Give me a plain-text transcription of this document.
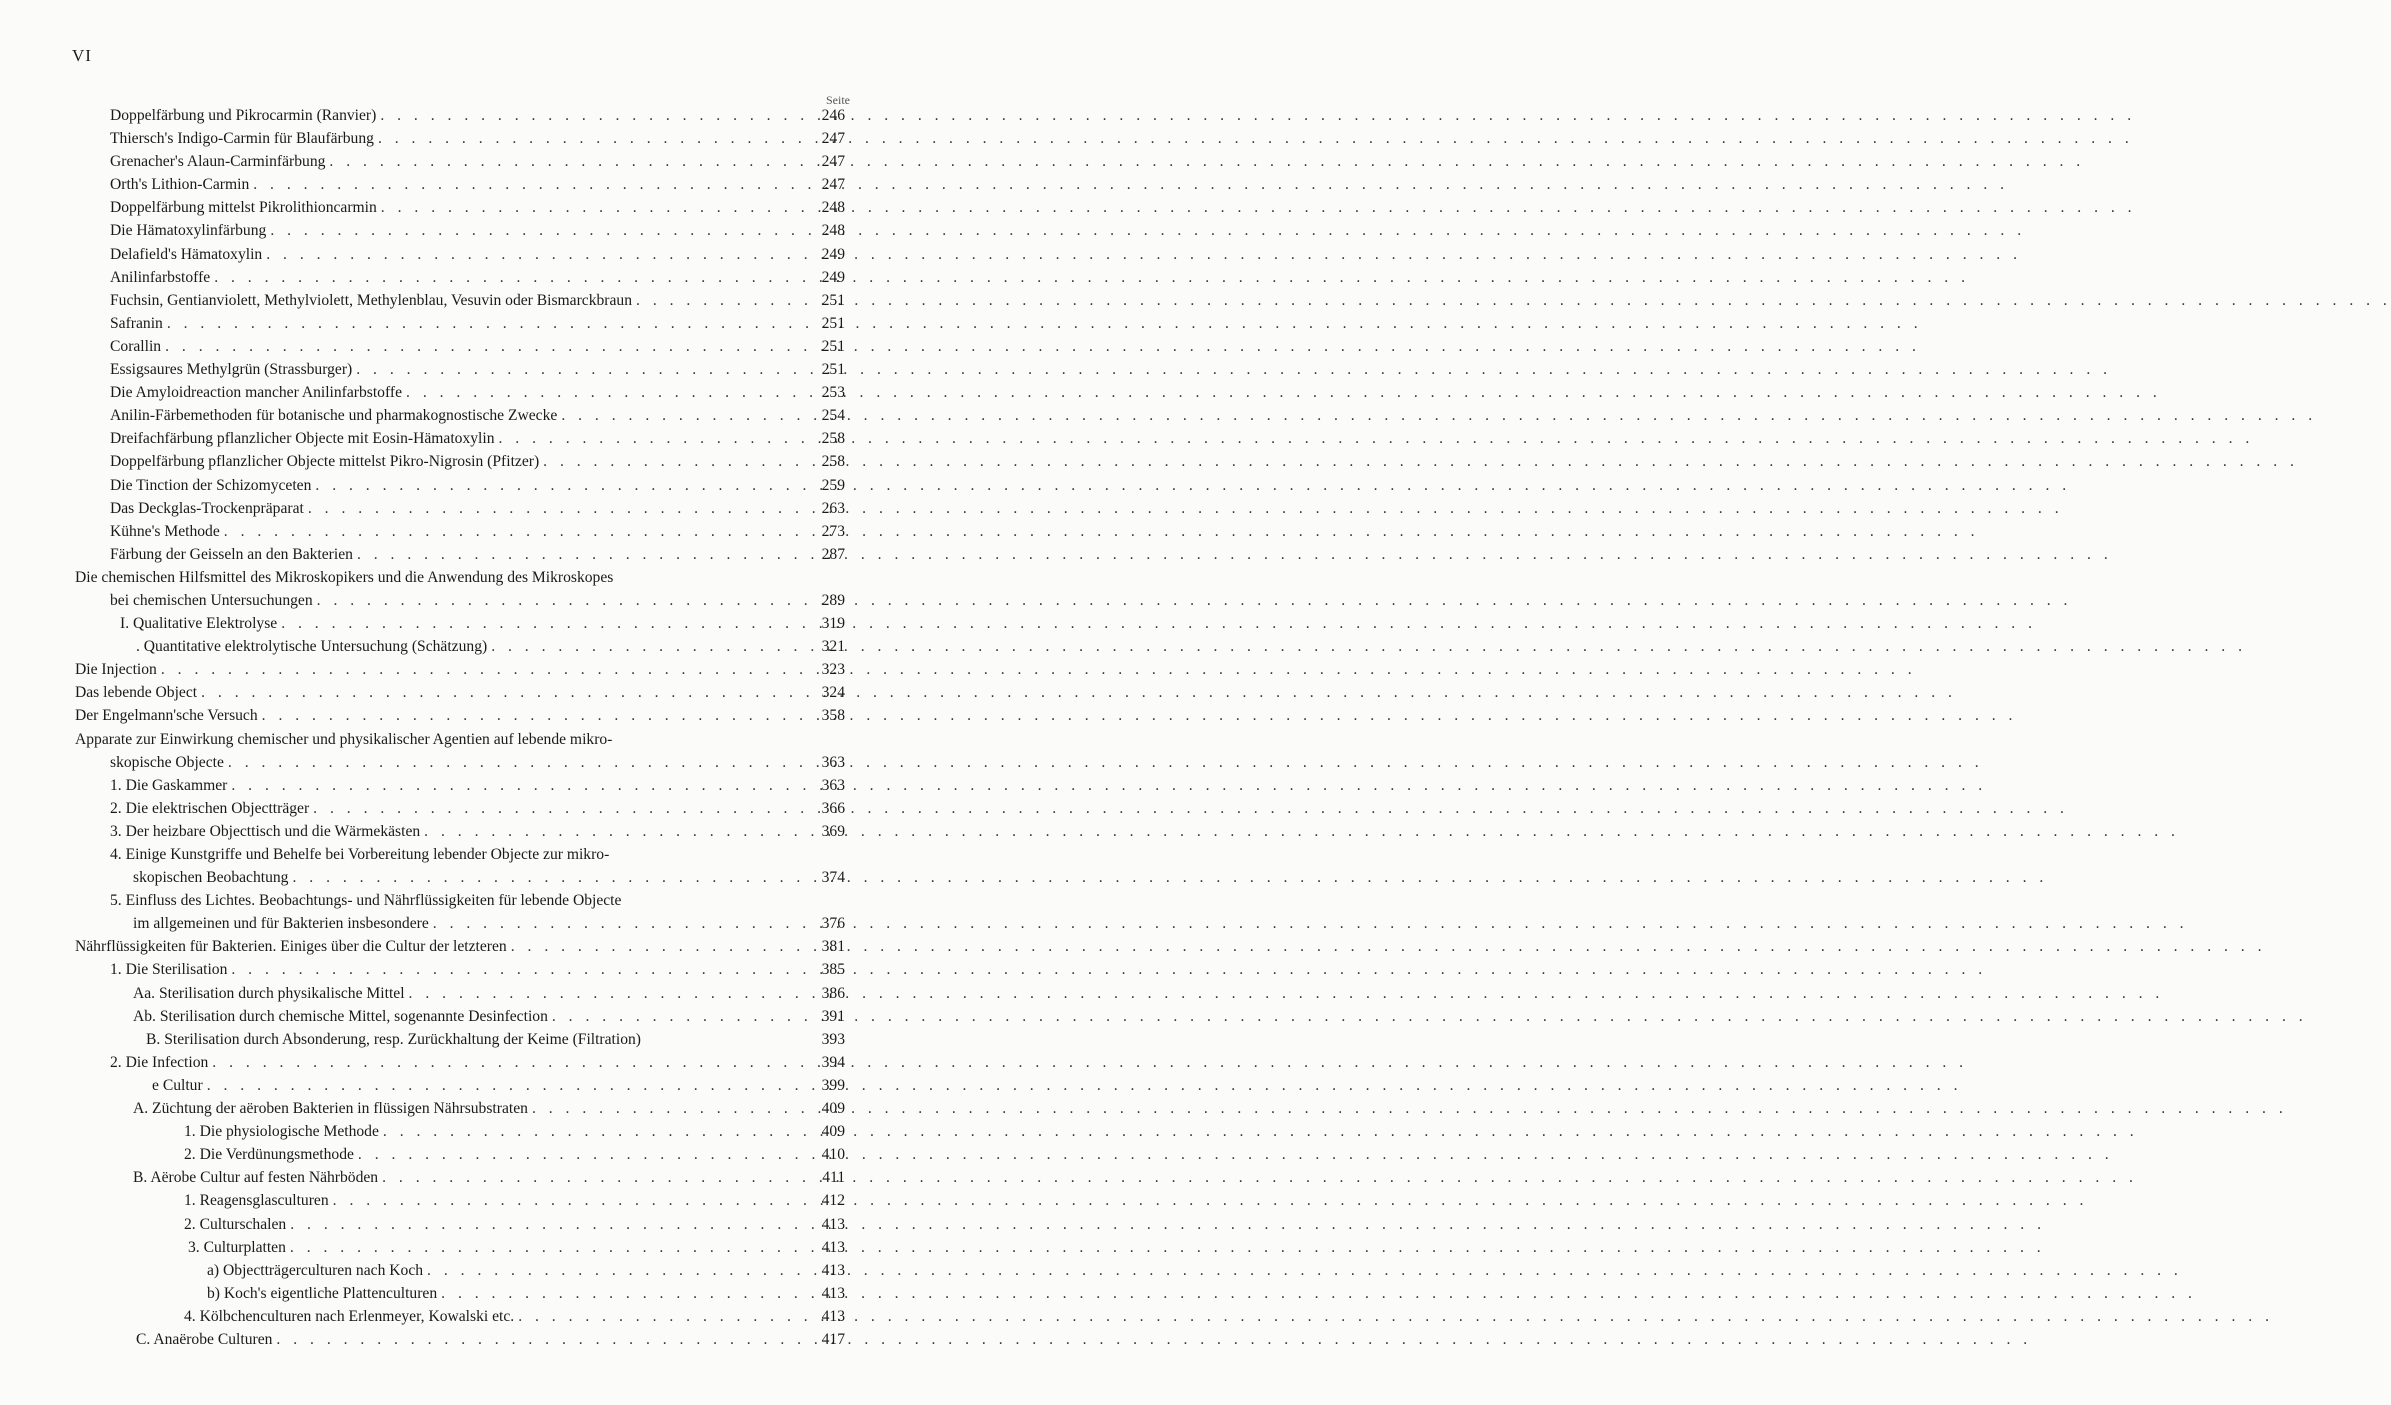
VI
Seite
Doppelfärbung und Pikrocarmin (Ranvier) . . .	246
Thiersch's Indigo-Carmin für Blaufärbung . . .	247
Grenacher's Alaun-Carminfärbung . . .	247
Orth's Lithion-Carmin . . .	247
Doppelfärbung mittelst Pikrolithioncarmin . . .	248
Die Hämatoxylinfärbung . . .	248
Delafield's Hämatoxylin . . .	249
Anilinfarbstoffe . . .	249
Fuchsin, Gentianviolett, Methylviolett, Methylenblau, Vesuvin oder Bismarckbraun . . .	251
Safranin . . .	251
Corallin . . .	251
Essigsaures Methylgrün (Strassburger) . . .	251
Die Amyloidreaction mancher Anilinfarbstoffe . . .	253
Anilin-Färbemethoden für botanische und pharmakognostische Zwecke . . .	254
Dreifachfärbung pflanzlicher Objecte mit Eosin-Hämatoxylin . . .	258
Doppelfärbung pflanzlicher Objecte mittelst Pikro-Nigrosin (Pfitzer) . . .	258
Die Tinction der Schizomyceten . . .	259
Das Deckglas-Trockenpräparat . . .	263
Kühne's Methode . . .	273
Färbung der Geisseln an den Bakterien . . .	287
Die chemischen Hilfsmittel des Mikroskopikers und die Anwendung des Mikroskopes
bei chemischen Untersuchungen . . .	289
I. Qualitative Elektrolyse . . .	319
. Quantitative elektrolytische Untersuchung (Schätzung) . . .	321
Die Injection . . .	323
Das lebende Object . . .	324
Der Engelmann'sche Versuch . . .	358
Apparate zur Einwirkung chemischer und physikalischer Agentien auf lebende mikro-
skopische Objecte . . .	363
1. Die Gaskammer . . .	363
2. Die elektrischen Objectträger . . .	366
3. Der heizbare Objecttisch und die Wärmekästen . . .	369
4. Einige Kunstgriffe und Behelfe bei Vorbereitung lebender Objecte zur mikro-
skopischen Beobachtung . . .	374
5. Einfluss des Lichtes. Beobachtungs- und Nährflüssigkeiten für lebende Objecte
im allgemeinen und für Bakterien insbesondere . . .	376
Nährflüssigkeiten für Bakterien. Einiges über die Cultur der letzteren . . .	381
1. Die Sterilisation . . .	385
Aa. Sterilisation durch physikalische Mittel . . .	386
Ab. Sterilisation durch chemische Mittel, sogenannte Desinfection . . .	391
B. Sterilisation durch Absonderung, resp. Zurückhaltung der Keime (Filtration)	393
2. Die Infection . . .	394
e Cultur . . .	399
A. Züchtung der aëroben Bakterien in flüssigen Nährsubstraten . . .	409
1. Die physiologische Methode . . .	409
2. Die Verdünungsmethode . . .	410
B. Aërobe Cultur auf festen Nährböden . . .	411
1. Reagensglasculturen . . .	412
2. Culturschalen . . .	413
3. Culturplatten . . .	413
a) Objectträgerculturen nach Koch . . .	413
b) Koch's eigentliche Plattenculturen . . .	413
4. Kölbchenculturen nach Erlenmeyer, Kowalski etc. . . .	413
C. Anaërobe Culturen . . .	417
